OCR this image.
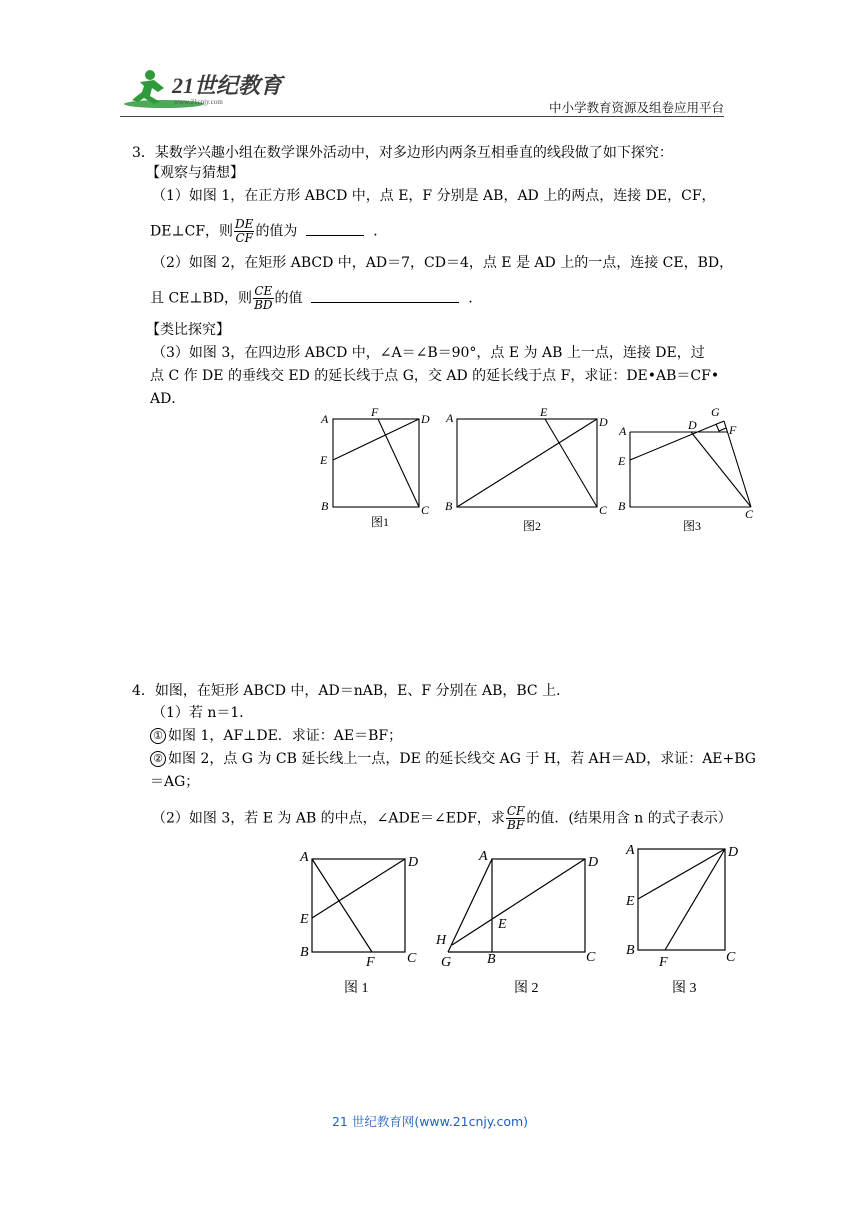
21世纪教育
www.21cnjy.com	中小学教育资源及组卷应用平台
3．某数学兴趣小组在数学课外活动中，对多边形内两条互相垂直的线段做了如下探究：
【观察与猜想】
（1）如图 1，在正方形 ABCD 中，点 E，F 分别是 AB，AD 上的两点，连接 DE，CF，
DE⊥CF，则 $\frac{DE}{CF}$ 的值为	．
（2）如图 2，在矩形 ABCD 中，AD＝7，CD＝4，点 E 是 AD 上的一点，连接 CE，BD，
且 CE⊥BD，则 $\frac{CE}{BD}$ 的值	．
【类比探究】
（3）如图 3，在四边形 ABCD 中，∠A＝∠B＝90°，点 E 为 AB 上一点，连接 DE，过
点 C 作 DE 的垂线交 ED 的延长线于点 G，交 AD 的延长线于点 F，求证：DE•AB＝CF•
AD．
A	D
F
E
B	C
A	D
E
B	C
A	D
G
F
E
B
C
图1	图2	图3
4．如图，在矩形 ABCD 中，AD＝nAB，E、F 分别在 AB，BC 上．
（1）若 n＝1．
① 如图 1，AF⊥DE．求证：AE＝BF；
② 如图 2，点 G 为 CB 延长线上一点，DE 的延长线交 AG 于 H，若 AH＝AD，求证：AE+BG
＝AG；
（2）如图 3，若 E 为 AB 的中点，∠ADE＝∠EDF，求 $\frac{CF}{BF}$ 的值．(结果用含 n 的式子表示）
A	D
E
B
F C
A	D
E
H
G	B	C
A	D
E
B
F	C
图 1	图 2	图 3
21 世纪教育网(www.21cnjy.com)
